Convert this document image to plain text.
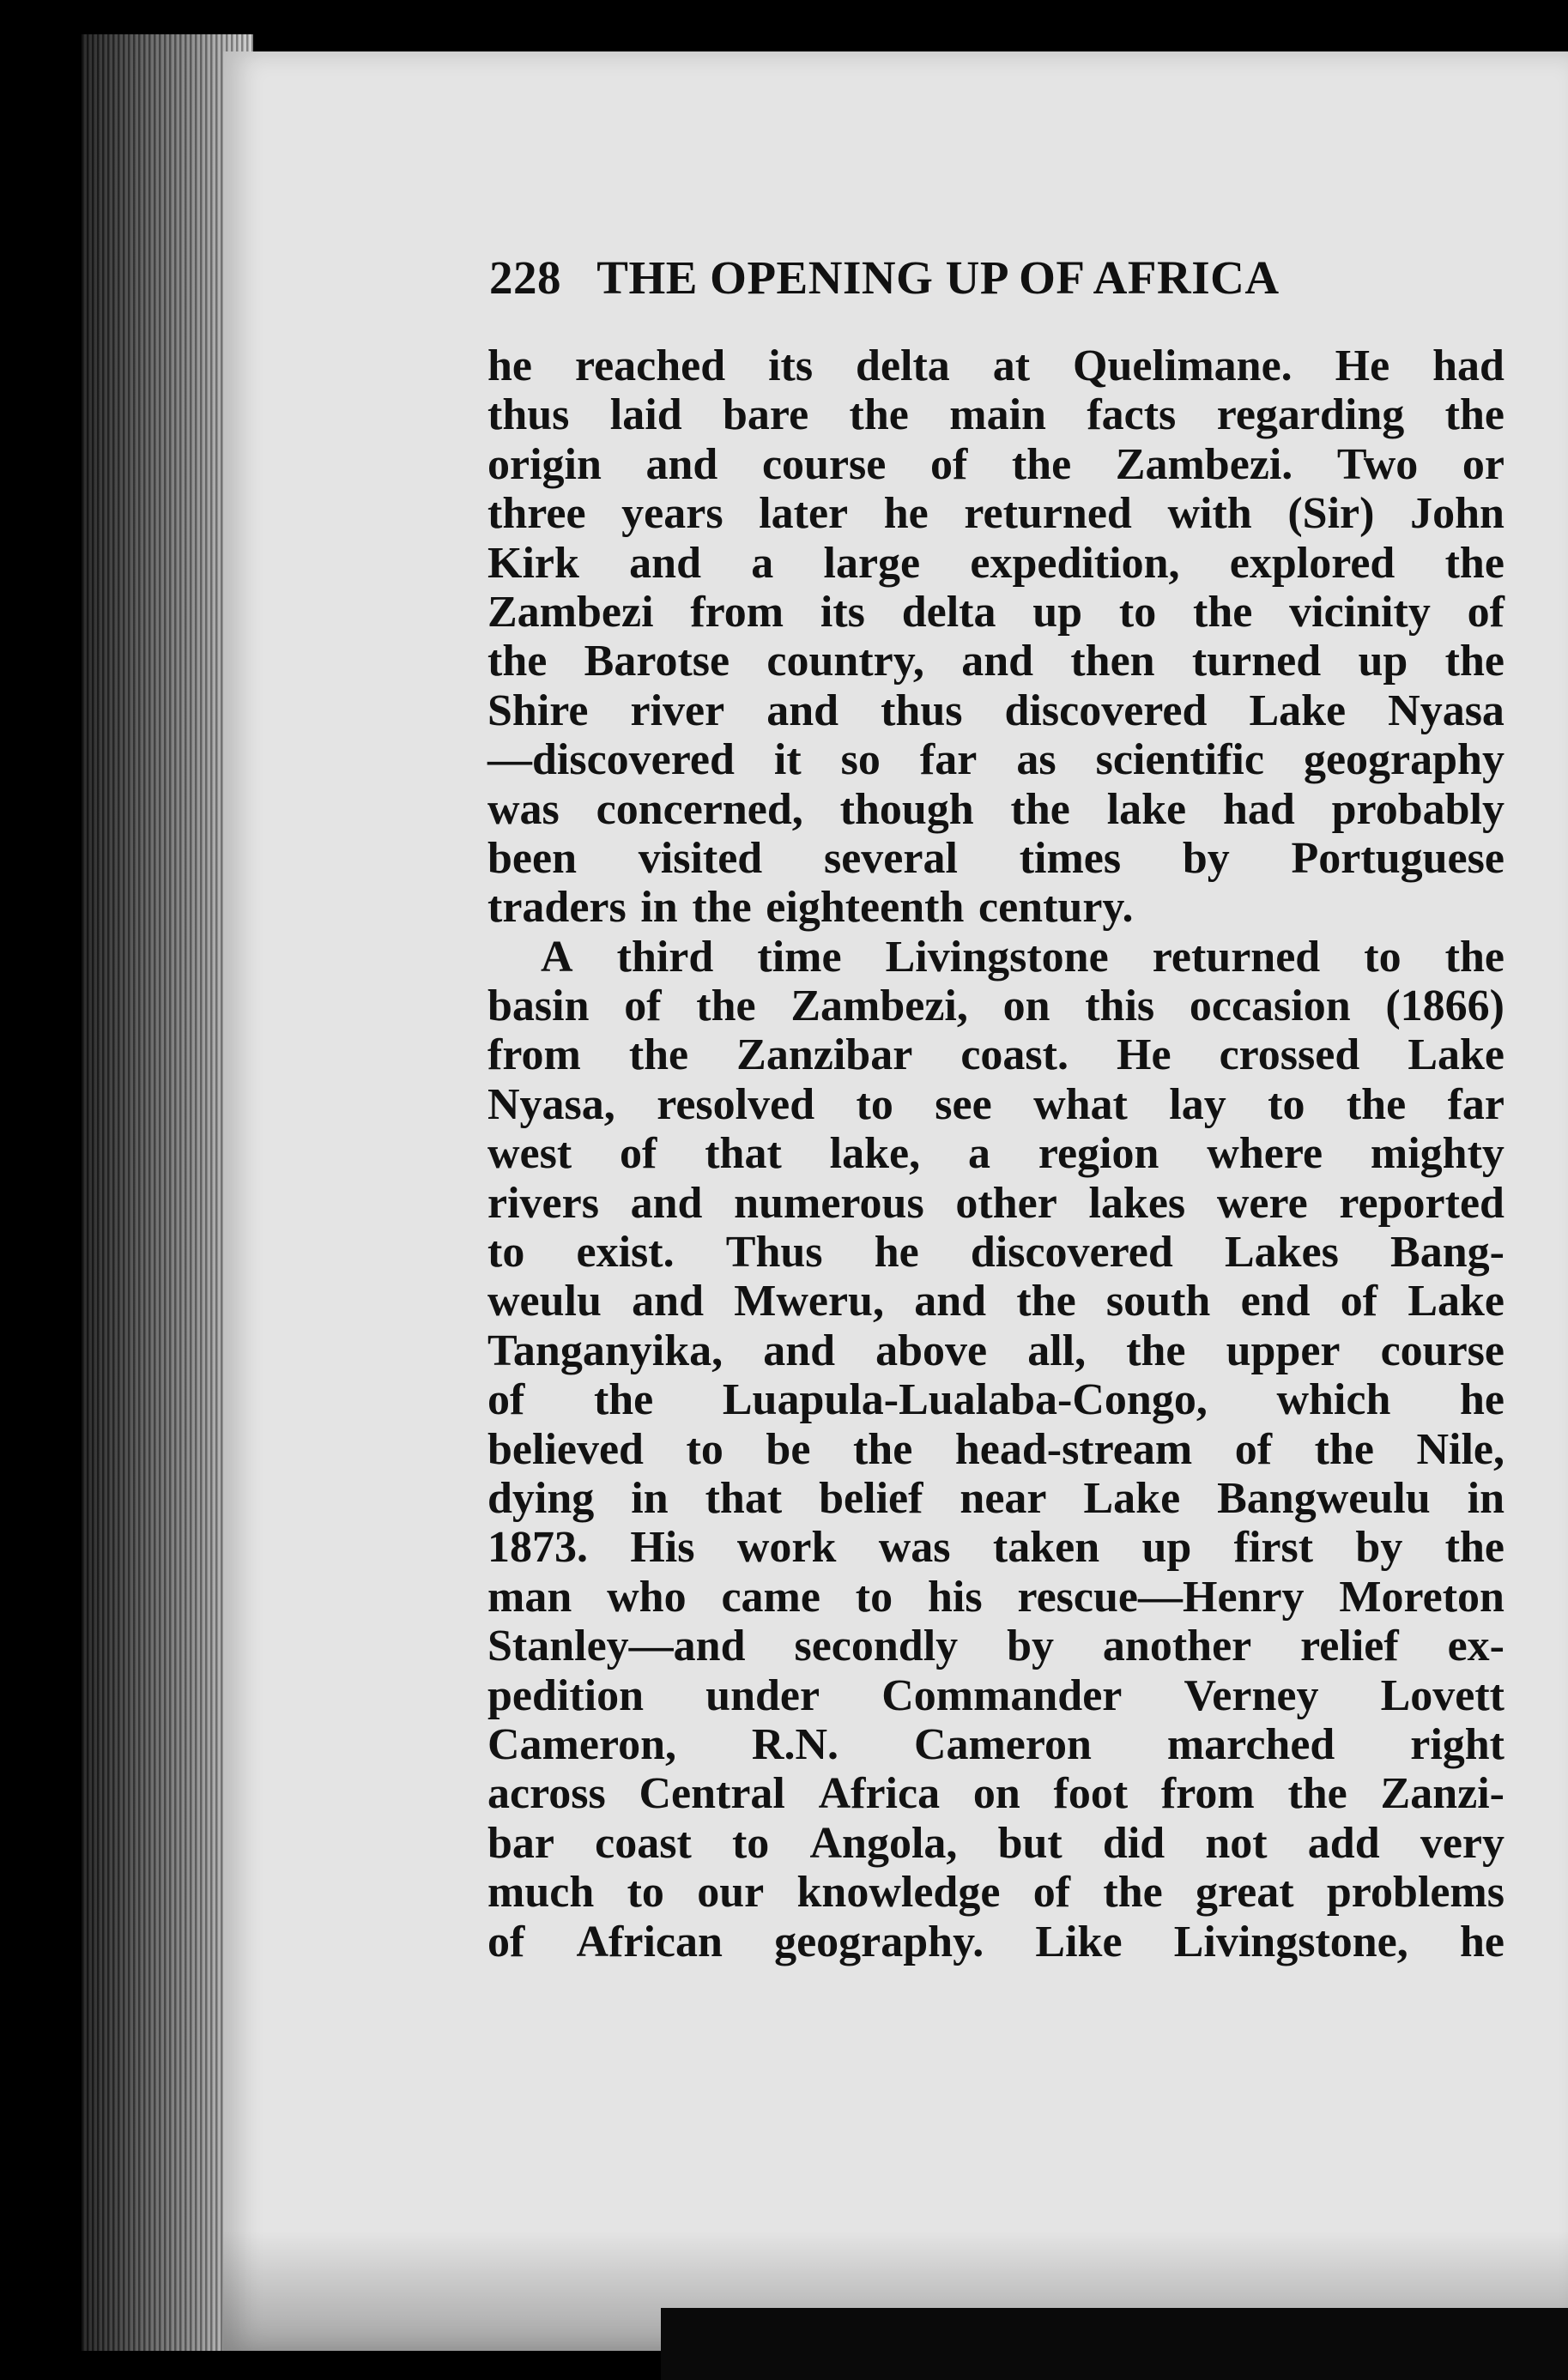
228 THE OPENING UP OF AFRICA
he reached its delta at Quelimane. He had
thus laid bare the main facts regarding the
origin and course of the Zambezi. Two or
three years later he returned with (Sir) John
Kirk and a large expedition, explored the
Zambezi from its delta up to the vicinity of
the Barotse country, and then turned up the
Shire river and thus discovered Lake Nyasa
—discovered it so far as scientific geography
was concerned, though the lake had probably
been visited several times by Portuguese
traders in the eighteenth century.
A third time Livingstone returned to the
basin of the Zambezi, on this occasion (1866)
from the Zanzibar coast. He crossed Lake
Nyasa, resolved to see what lay to the far
west of that lake, a region where mighty
rivers and numerous other lakes were reported
to exist. Thus he discovered Lakes Bang-
weulu and Mweru, and the south end of Lake
Tanganyika, and above all, the upper course
of the Luapula-Lualaba-Congo, which he
believed to be the head-stream of the Nile,
dying in that belief near Lake Bangweulu in
1873. His work was taken up first by the
man who came to his rescue—Henry Moreton
Stanley—and secondly by another relief ex-
pedition under Commander Verney Lovett
Cameron, R.N. Cameron marched right
across Central Africa on foot from the Zanzi-
bar coast to Angola, but did not add very
much to our knowledge of the great problems
of African geography. Like Livingstone, he
